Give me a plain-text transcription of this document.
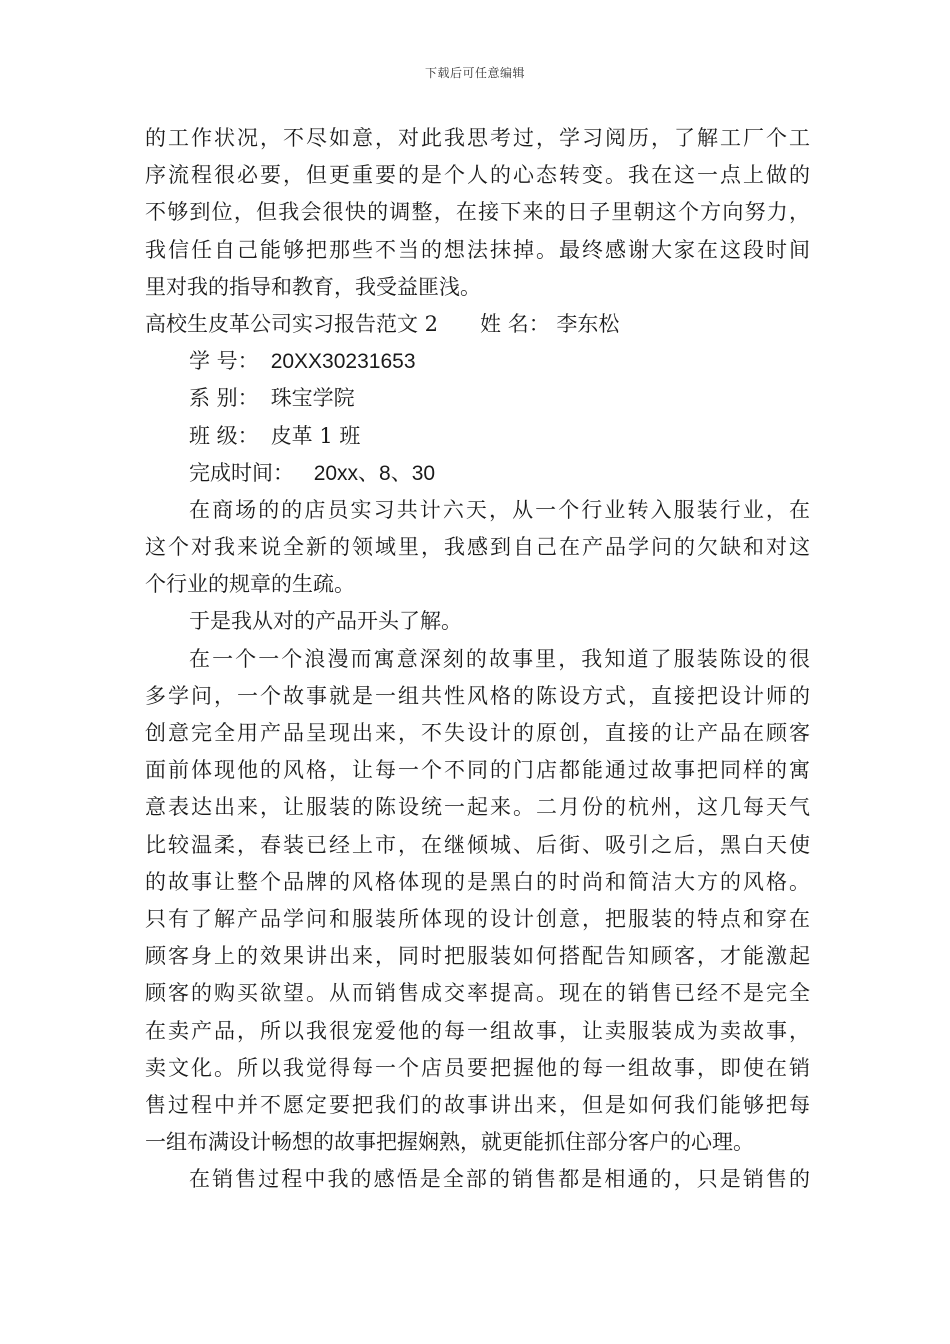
下载后可任意编辑
的工作状况，不尽如意，对此我思考过，学习阅历，了解工厂个工
序流程很必要，但更重要的是个人的心态转变。我在这一点上做的
不够到位，但我会很快的调整，在接下来的日子里朝这个方向努力，
我信任自己能够把那些不当的想法抹掉。最终感谢大家在这段时间
里对我的指导和教育，我受益匪浅。
高校生皮革公司实习报告范文 2 姓 名： 李东松
学 号： 20XX30231653
系 别： 珠宝学院
班 级： 皮革 1 班
完成时间： 20xx、8、30
在商场的的店员实习共计六天，从一个行业转入服装行业，在
这个对我来说全新的领域里，我感到自己在产品学问的欠缺和对这
个行业的规章的生疏。
于是我从对的产品开头了解。
在一个一个浪漫而寓意深刻的故事里，我知道了服装陈设的很
多学问，一个故事就是一组共性风格的陈设方式，直接把设计师的
创意完全用产品呈现出来，不失设计的原创，直接的让产品在顾客
面前体现他的风格，让每一个不同的门店都能通过故事把同样的寓
意表达出来，让服装的陈设统一起来。二月份的杭州，这几每天气
比较温柔，春装已经上市，在继倾城、后街、吸引之后，黑白天使
的故事让整个品牌的风格体现的是黑白的时尚和简洁大方的风格。
只有了解产品学问和服装所体现的设计创意，把服装的特点和穿在
顾客身上的效果讲出来，同时把服装如何搭配告知顾客，才能激起
顾客的购买欲望。从而销售成交率提高。现在的销售已经不是完全
在卖产品，所以我很宠爱他的每一组故事，让卖服装成为卖故事，
卖文化。所以我觉得每一个店员要把握他的每一组故事，即使在销
售过程中并不愿定要把我们的故事讲出来，但是如何我们能够把每
一组布满设计畅想的故事把握娴熟，就更能抓住部分客户的心理。
在销售过程中我的感悟是全部的销售都是相通的，只是销售的
